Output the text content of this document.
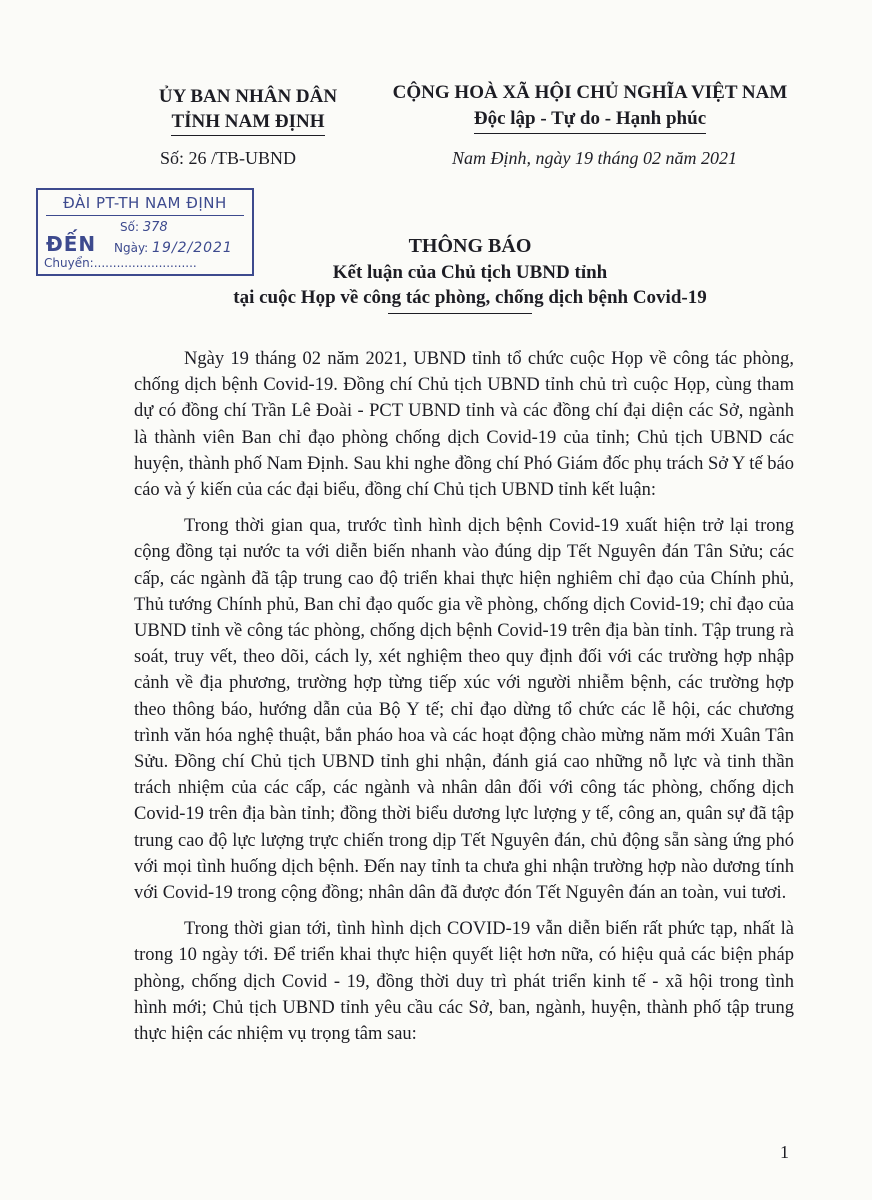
ỦY BAN NHÂN DÂN
TỈNH NAM ĐỊNH
CỘNG HOÀ XÃ HỘI CHỦ NGHĨA VIỆT NAM
Độc lập - Tự do - Hạnh phúc
Số: 26 /TB-UBND	Nam Định, ngày 19 tháng 02 năm 2021
ĐÀI PT-TH NAM ĐỊNH
Số: 378
ĐẾN Ngày: 19/2/2021
Chuyển:...........................
THÔNG BÁO
Kết luận của Chủ tịch UBND tỉnh
tại cuộc Họp về công tác phòng, chống dịch bệnh Covid-19

Ngày 19 tháng 02 năm 2021, UBND tỉnh tổ chức cuộc Họp về công tác phòng, chống dịch bệnh Covid-19. Đồng chí Chủ tịch UBND tỉnh chủ trì cuộc Họp, cùng tham dự có đồng chí Trần Lê Đoài - PCT UBND tỉnh và các đồng chí đại diện các Sở, ngành là thành viên Ban chỉ đạo phòng chống dịch Covid-19 của tỉnh; Chủ tịch UBND các huyện, thành phố Nam Định. Sau khi nghe đồng chí Phó Giám đốc phụ trách Sở Y tế báo cáo và ý kiến của các đại biểu, đồng chí Chủ tịch UBND tỉnh kết luận:

Trong thời gian qua, trước tình hình dịch bệnh Covid-19 xuất hiện trở lại trong cộng đồng tại nước ta với diễn biến nhanh vào đúng dịp Tết Nguyên đán Tân Sửu; các cấp, các ngành đã tập trung cao độ triển khai thực hiện nghiêm chỉ đạo của Chính phủ, Thủ tướng Chính phủ, Ban chỉ đạo quốc gia về phòng, chống dịch Covid-19; chỉ đạo của UBND tỉnh về công tác phòng, chống dịch bệnh Covid-19 trên địa bàn tỉnh. Tập trung rà soát, truy vết, theo dõi, cách ly, xét nghiệm theo quy định đối với các trường hợp nhập cảnh về địa phương, trường hợp từng tiếp xúc với người nhiễm bệnh, các trường hợp theo thông báo, hướng dẫn của Bộ Y tế; chỉ đạo dừng tổ chức các lễ hội, các chương trình văn hóa nghệ thuật, bắn pháo hoa và các hoạt động chào mừng năm mới Xuân Tân Sửu. Đồng chí Chủ tịch UBND tỉnh ghi nhận, đánh giá cao những nỗ lực và tinh thần trách nhiệm của các cấp, các ngành và nhân dân đối với công tác phòng, chống dịch Covid-19 trên địa bàn tỉnh; đồng thời biểu dương lực lượng y tế, công an, quân sự đã tập trung cao độ lực lượng trực chiến trong dịp Tết Nguyên đán, chủ động sẵn sàng ứng phó với mọi tình huống dịch bệnh. Đến nay tỉnh ta chưa ghi nhận trường hợp nào dương tính với Covid-19 trong cộng đồng; nhân dân đã được đón Tết Nguyên đán an toàn, vui tươi.

Trong thời gian tới, tình hình dịch COVID-19 vẫn diễn biến rất phức tạp, nhất là trong 10 ngày tới. Để triển khai thực hiện quyết liệt hơn nữa, có hiệu quả các biện pháp phòng, chống dịch Covid - 19, đồng thời duy trì phát triển kinh tế - xã hội trong tình hình mới; Chủ tịch UBND tỉnh yêu cầu các Sở, ban, ngành, huyện, thành phố tập trung thực hiện các nhiệm vụ trọng tâm sau:

1
